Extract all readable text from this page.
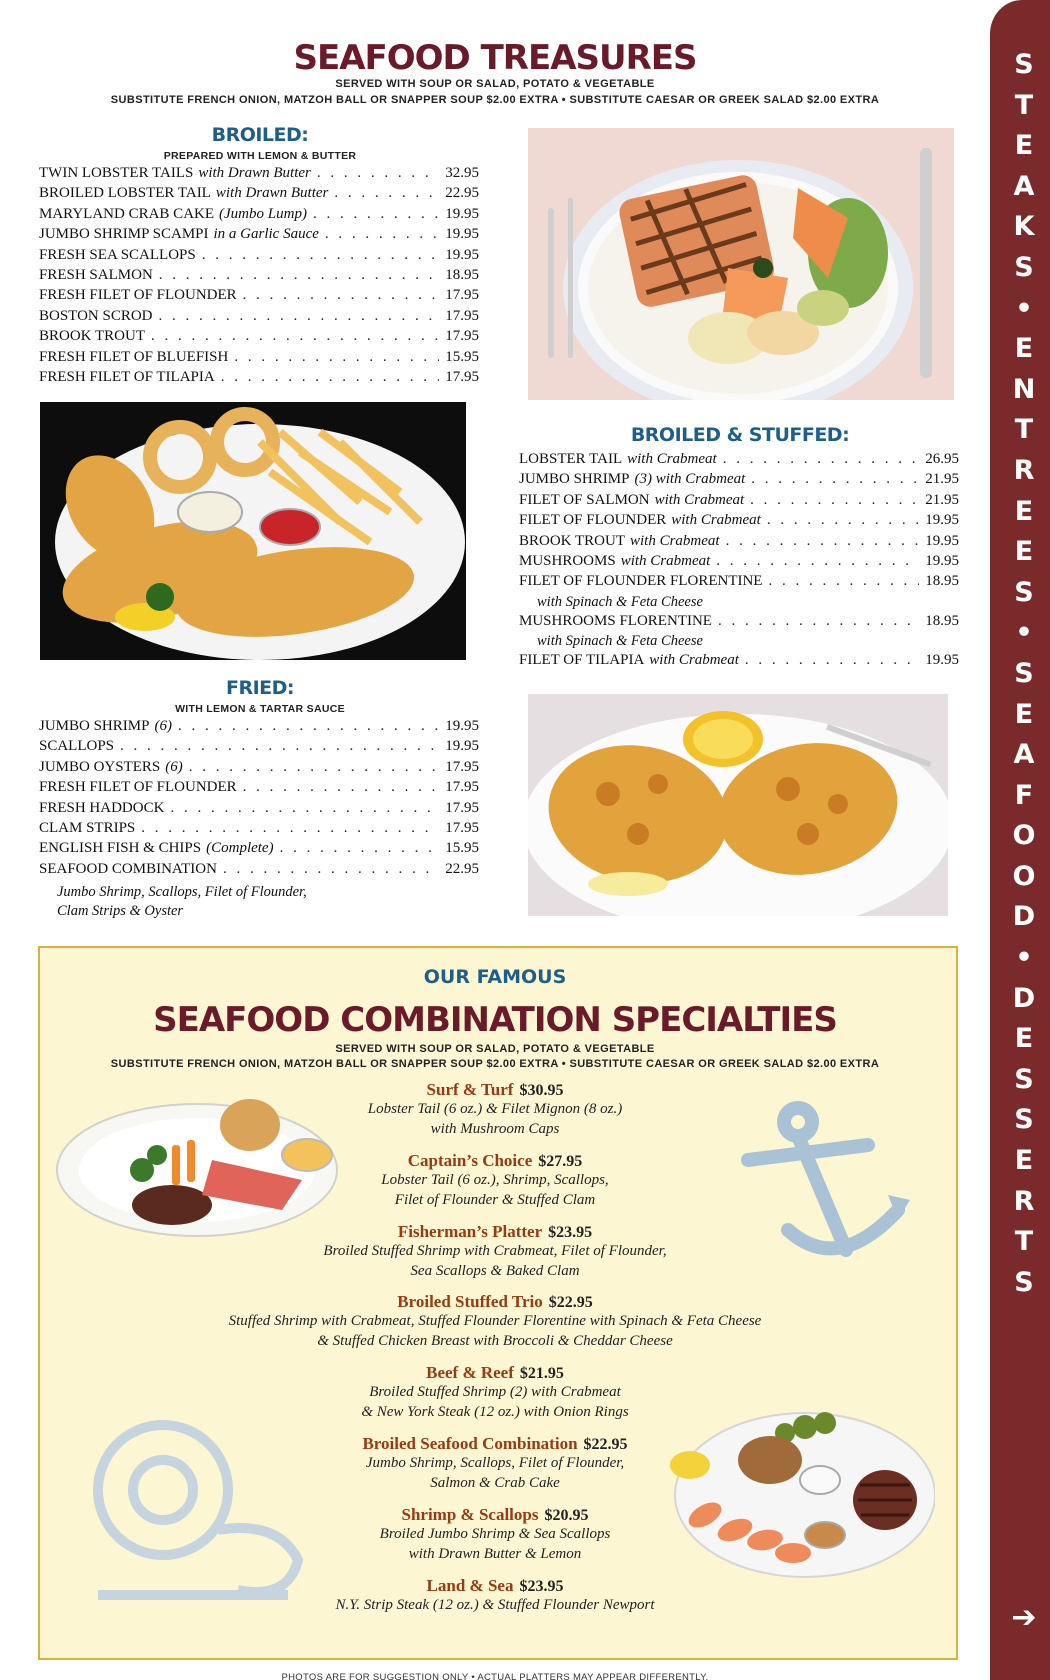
SEAFOOD TREASURES
SERVED WITH SOUP OR SALAD, POTATO & VEGETABLE
SUBSTITUTE FRENCH ONION, MATZOH BALL OR SNAPPER SOUP $2.00 EXTRA • SUBSTITUTE CAESAR OR GREEK SALAD $2.00 EXTRA
BROILED:
PREPARED WITH LEMON & BUTTER
TWIN LOBSTER TAILS with Drawn Butter . . .	32.95
BROILED LOBSTER TAIL with Drawn Butter . . .	22.95
MARYLAND CRAB CAKE (Jumbo Lump) . . .	19.95
JUMBO SHRIMP SCAMPI in a Garlic Sauce . . .	19.95
FRESH SEA SCALLOPS . . .	19.95
FRESH SALMON . . .	18.95
FRESH FILET OF FLOUNDER . . .	17.95
BOSTON SCROD . . .	17.95
BROOK TROUT . . .	17.95
FRESH FILET OF BLUEFISH . . .	15.95
FRESH FILET OF TILAPIA . . .	17.95
BROILED & STUFFED:
LOBSTER TAIL with Crabmeat . . .	26.95
JUMBO SHRIMP (3) with Crabmeat . . .	21.95
FILET OF SALMON with Crabmeat . . .	21.95
FILET OF FLOUNDER with Crabmeat . . .	19.95
BROOK TROUT with Crabmeat . . .	19.95
MUSHROOMS with Crabmeat . . .	19.95
FILET OF FLOUNDER FLORENTINE . . .	18.95
with Spinach & Feta Cheese
MUSHROOMS FLORENTINE . . .	18.95
with Spinach & Feta Cheese
FILET OF TILAPIA with Crabmeat . . .	19.95
FRIED:
WITH LEMON & TARTAR SAUCE
JUMBO SHRIMP (6) . . .	19.95
SCALLOPS . . .	19.95
JUMBO OYSTERS (6) . . .	17.95
FRESH FILET OF FLOUNDER . . .	17.95
FRESH HADDOCK . . .	17.95
CLAM STRIPS . . .	17.95
ENGLISH FISH & CHIPS (Complete) . . .	15.95
SEAFOOD COMBINATION . . .	22.95
Jumbo Shrimp, Scallops, Filet of Flounder,
Clam Strips & Oyster
OUR FAMOUS
SEAFOOD COMBINATION SPECIALTIES
SERVED WITH SOUP OR SALAD, POTATO & VEGETABLE
SUBSTITUTE FRENCH ONION, MATZOH BALL OR SNAPPER SOUP $2.00 EXTRA • SUBSTITUTE CAESAR OR GREEK SALAD $2.00 EXTRA
Surf & Turf $30.95
Lobster Tail (6 oz.) & Filet Mignon (8 oz.)
with Mushroom Caps
Captain’s Choice $27.95
Lobster Tail (6 oz.), Shrimp, Scallops,
Filet of Flounder & Stuffed Clam
Fisherman’s Platter $23.95
Broiled Stuffed Shrimp with Crabmeat, Filet of Flounder,
Sea Scallops & Baked Clam
Broiled Stuffed Trio $22.95
Stuffed Shrimp with Crabmeat, Stuffed Flounder Florentine with Spinach & Feta Cheese
& Stuffed Chicken Breast with Broccoli & Cheddar Cheese
Beef & Reef $21.95
Broiled Stuffed Shrimp (2) with Crabmeat
& New York Steak (12 oz.) with Onion Rings
Broiled Seafood Combination $22.95
Jumbo Shrimp, Scallops, Filet of Flounder,
Salmon & Crab Cake
Shrimp & Scallops $20.95
Broiled Jumbo Shrimp & Sea Scallops
with Drawn Butter & Lemon
Land & Sea $23.95
N.Y. Strip Steak (12 oz.) & Stuffed Flounder Newport
PHOTOS ARE FOR SUGGESTION ONLY • ACTUAL PLATTERS MAY APPEAR DIFFERENTLY.
S
T
E
A
K
S
•
E
N
T
R
E
E
S
•
S
E
A
F
O
O
D
•
D
E
S
S
E
R
T
S
➔
